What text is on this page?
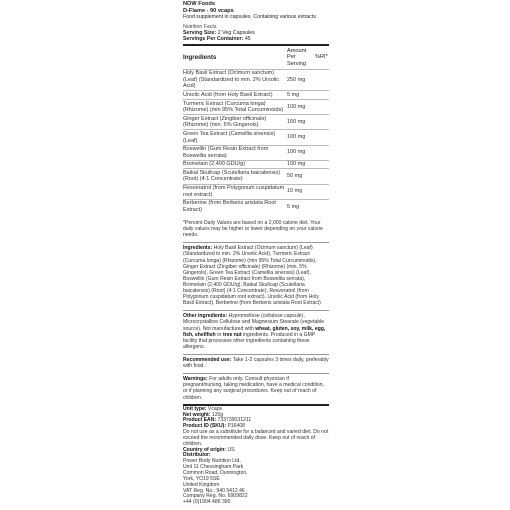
NOW Foods
D-Flame - 90 vcaps
Food supplement in capsules. Containing various extracts
Nutrition Facts
Serving Size: 2 Veg Capsules
Servings Per Container: 45
Ingredients	Amount Per Serving	%RI*
Holy Basil Extract (Ocimum sanctum) (Leaf) (Standardized to min. 2% Ursolic Acid)	250 mg	
Ursolic Acid (from Holy Basil Extract)	5 mg	
Turmeric Extract (Curcuma longa) (Rhizome) (min 95% Total Curcuminoids)	100 mg	
Ginger Extract (Zingiber officinale) (Rhizome) (min. 5% Gingerols)	100 mg	
Green Tea Extract (Camellia sinensis) (Leaf)	100 mg	
Boswellin (Gum Resin Extract from Boswellia serrata)	100 mg	
Bromelain (2,400 GDU/g)	100 mg	
Baikal Skullcap (Scutellaria baicalensis) (Root) (4:1 Concentrate)	50 mg	
Resveratrol (from Polygonum cuspidatum root extract)	10 mg	
Berberine (from Berberis aristata Root Extract)	5 mg	
*Percent Daily Values are based on a 2,000 calorie diet. Your daily values may be higher or lower depending on your calorie needs.
Ingredients: Holy Basil Extract (Ocimum sanctum) (Leaf) (Standardized to min. 2% Ursolic Acid), Turmeric Extract (Curcuma longa) (Rhizome) (min 95% Total Curcuminoids), Ginger Extract (Zingiber officinale) (Rhizome) (min. 5% Gingerols), Green Tea Extract (Camellia sinensis) (Leaf), Boswellin (Gum Resin Extract from Boswellia serrata), Bromelain (2,400 GDU/g), Baikal Skullcap (Scutellaria baicalensis) (Root) (4:1 Concentrate), Resveratrol (from Polygonum cuspidatum root extract), Ursolic Acid (from Holy Basil Extract), Berberine (from Berberis aristata Root Extract)
Other ingredients: Hypromellose (cellulose capsule), Microcrystalline Cellulose and Magnesium Stearate (vegetable source). Not manufactured with wheat, gluten, soy, milk, egg, fish, shellfish or tree nut ingredients. Produced in a GMP facility that processes other ingredients containing these allergens.
Recommended use: Take 1-2 capsules 3 times daily, preferably with food.
Warnings: For adults only. Consult physician if pregnant/nursing, taking medication, have a medical condition, or if planning any surgical procedures. Keep out of reach of children.
Unit type: Vcaps
Net weight: 120g
Product EAN: 733739031211
Product ID (SKU): P16408
Do not use as a substitute for a balanced and varied diet. Do not exceed the recommended daily dose. Keep out of reach of children.
Country of origin: US
Distributor:
Power Body Nutrition Ltd,
Unit 11 Chessingham Park
Common Road, Dunnington,
York, YO19 5SE
United Kingdom
VAT Reg. No.: 940 5412 46
Company Reg. No. 6909822
+44 (0)1904 486 390
